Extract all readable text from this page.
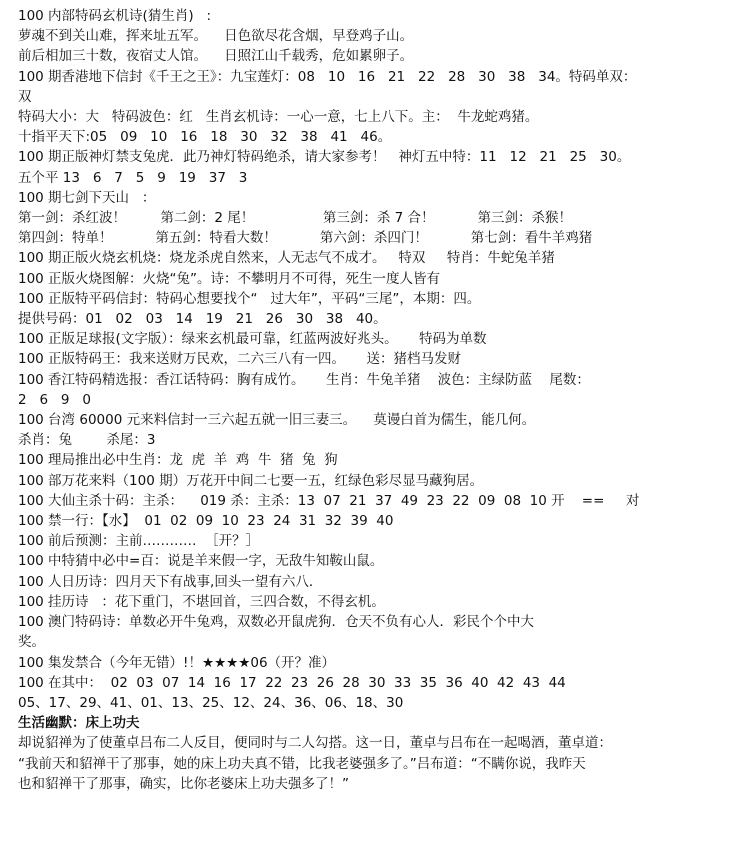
100 内部特码玄机诗(猜生肖)   :
萝魂不到关山难，挥来址五军。    日色欲尽花含烟，早登鸡子山。
前后相加三十数，夜宿丈人馆。    日照江山千载秀，危如累卵子。
100 期香港地下信封《千王之王》：九宝莲灯：08   10   16   21   22   28   30   38   34。特码单双：
双
特码大小：大   特码波色：红   生肖玄机诗：一心一意，七上八下。主：  牛龙蛇鸡猪。
十指平天下:05   09   10   16   18   30   32   38   41   46。
100 期正版神灯禁支兔虎．此乃神灯特码绝杀，请大家参考！   神灯五中特：11   12   21   25   30。
五个平 13   6   7   5   9   19   37   3
100 期七剑下天山   ：
第一剑：杀红波！        第二剑：2 尾！                第三剑：杀 7 合！          第三剑：杀猴！
第四剑：特单！          第五剑：特看大数！          第六剑：杀四门！          第七剑：看牛羊鸡猪
100 期正版火烧玄机烧：烧龙杀虎自然来，人无志气不成才。   特双     特肖：牛蛇兔羊猪
100 正版火烧图解：火烧“兔”。诗：不攀明月不可得，死生一度人皆有
100 正版特平码信封：特码心想要找个“   过大年”，平码“三尾”，本期：四。
提供号码：01   02   03   14   19   21   26   30   38   40。
100 正版足球报(文字版）：绿来玄机最可靠，红蓝两波好兆头。     特码为单数
100 正版特码王：我来送财万民欢，二六三八有一四。     送：猪档马发财
100 香江特码精选报：香江话特码：胸有成竹。     生肖：牛兔羊猪    波色：主绿防蓝    尾数：
2   6   9   0
100 台湾 60000 元来料信封一三六起五就一旧三妻三。    莫谩白首为儒生，能几何。
杀肖：兔        杀尾：3
100 理局推出必中生肖：龙  虎  羊  鸡  牛  猪  兔  狗
100 部万花来料（100 期）万花开中间二七要一五，红绿色彩尽显马藏狗居。
100 大仙主杀十码：主杀：    019 杀：主杀：13  07  21  37  49  23  22  09  08  10 开    ==     对
100 禁一行：【水】  01  02  09  10  23  24  31  32  39  40
100 前后预测：主前…………  ［开？］
100 中特猜中必中=百：说是羊来假一字，无敌牛知鞍山鼠。
100 人日历诗：四月天下有战事,回头一望有六八．
100 挂历诗   ：花下重门，不堪回首，三四合数，不得玄机。
100 澳门特码诗：单数必开牛兔鸡，双数必开鼠虎狗．仓天不负有心人．彩民个个中大
奖。
100 集发禁合（今年无错）!！★★★★06（开？准）
100 在其中：  02  03  07  14  16  17  22  23  26  28  30  33  35  36  40  42  43  44
05、17、29、41、01、13、25、12、24、36、06、18、30
生活幽默：床上功夫
却说貂禅为了使董卓吕布二人反目，便同时与二人勾搭。这一日，董卓与吕布在一起喝酒，董卓道：
“我前天和貂禅干了那事，她的床上功夫真不错，比我老婆强多了。”吕布道：“不瞒你说，我昨天
也和貂禅干了那事，确实，比你老婆床上功夫强多了！”
